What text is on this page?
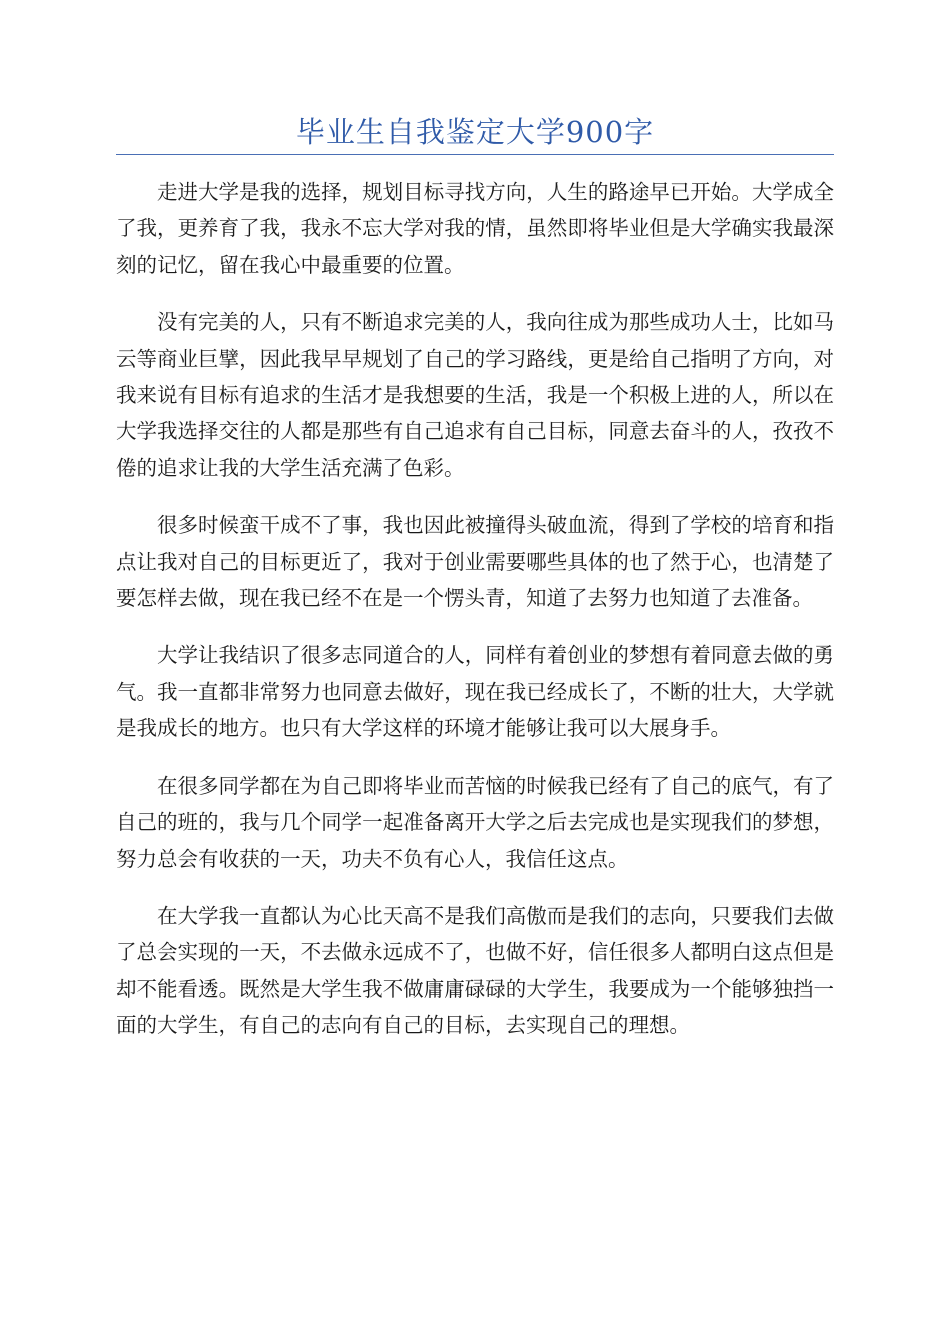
毕业生自我鉴定大学900字

走进大学是我的选择，规划目标寻找方向，人生的路途早已开始。大学成全了我，更养育了我，我永不忘大学对我的情，虽然即将毕业但是大学确实我最深刻的记忆，留在我心中最重要的位置。

没有完美的人，只有不断追求完美的人，我向往成为那些成功人士，比如马云等商业巨擘，因此我早早规划了自己的学习路线，更是给自己指明了方向，对我来说有目标有追求的生活才是我想要的生活，我是一个积极上进的人，所以在大学我选择交往的人都是那些有自己追求有自己目标，同意去奋斗的人，孜孜不倦的追求让我的大学生活充满了色彩。

很多时候蛮干成不了事，我也因此被撞得头破血流，得到了学校的培育和指点让我对自己的目标更近了，我对于创业需要哪些具体的也了然于心，也清楚了要怎样去做，现在我已经不在是一个愣头青，知道了去努力也知道了去准备。

大学让我结识了很多志同道合的人，同样有着创业的梦想有着同意去做的勇气。我一直都非常努力也同意去做好，现在我已经成长了，不断的壮大，大学就是我成长的地方。也只有大学这样的环境才能够让我可以大展身手。

在很多同学都在为自己即将毕业而苦恼的时候我已经有了自己的底气，有了自己的班的，我与几个同学一起准备离开大学之后去完成也是实现我们的梦想，努力总会有收获的一天，功夫不负有心人，我信任这点。

在大学我一直都认为心比天高不是我们高傲而是我们的志向，只要我们去做了总会实现的一天，不去做永远成不了，也做不好，信任很多人都明白这点但是却不能看透。既然是大学生我不做庸庸碌碌的大学生，我要成为一个能够独挡一面的大学生，有自己的志向有自己的目标，去实现自己的理想。
